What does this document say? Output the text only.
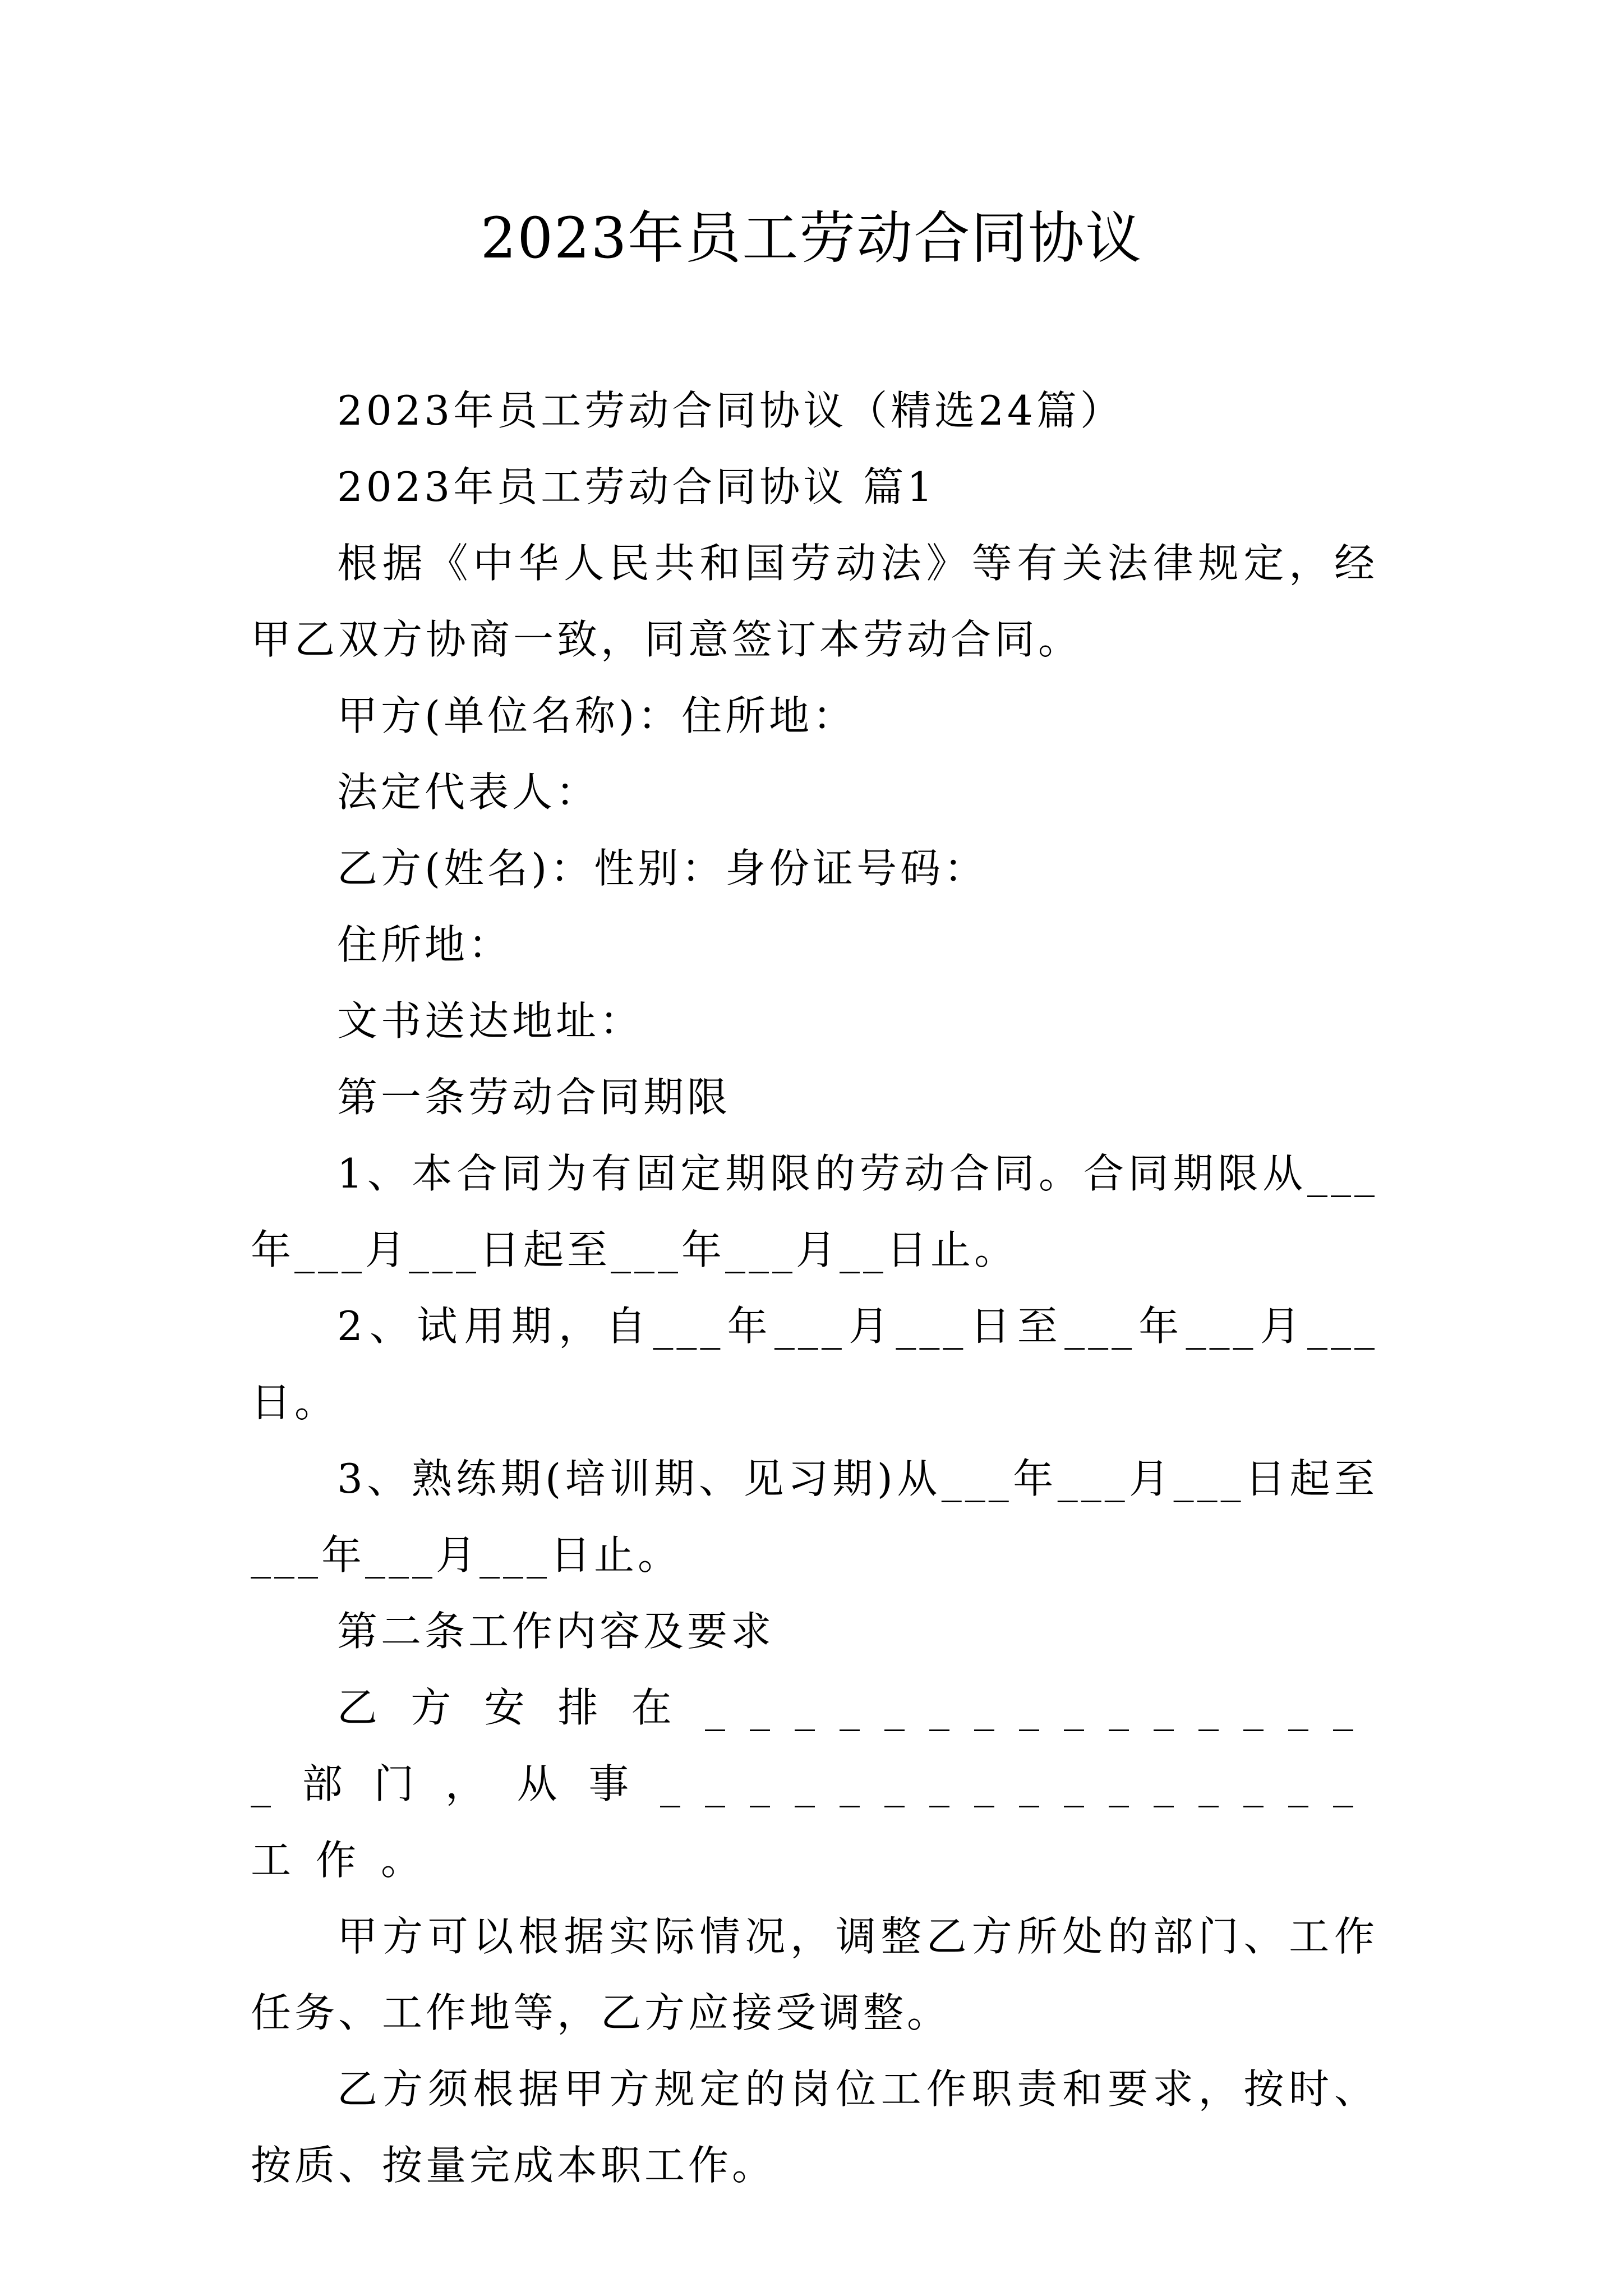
2023年员工劳动合同协议

2023年员工劳动合同协议（精选24篇）

2023年员工劳动合同协议 篇1

根据《中华人民共和国劳动法》等有关法律规定，经甲乙双方协商一致，同意签订本劳动合同。

甲方(单位名称)：住所地：

法定代表人：

乙方(姓名)：性别：身份证号码：

住所地：

文书送达地址：

第一条劳动合同期限

1、本合同为有固定期限的劳动合同。合同期限从___年___月___日起至___年___月__日止。

2、试用期，自___年___月___日至___年___月___日。

3、熟练期(培训期、见习期)从___年___月___日起至___年___月___日止。

第二条工作内容及要求

乙方安排在________________部门，从事________________工作。

甲方可以根据实际情况，调整乙方所处的部门、工作任务、工作地等，乙方应接受调整。

乙方须根据甲方规定的岗位工作职责和要求，按时、按质、按量完成本职工作。
